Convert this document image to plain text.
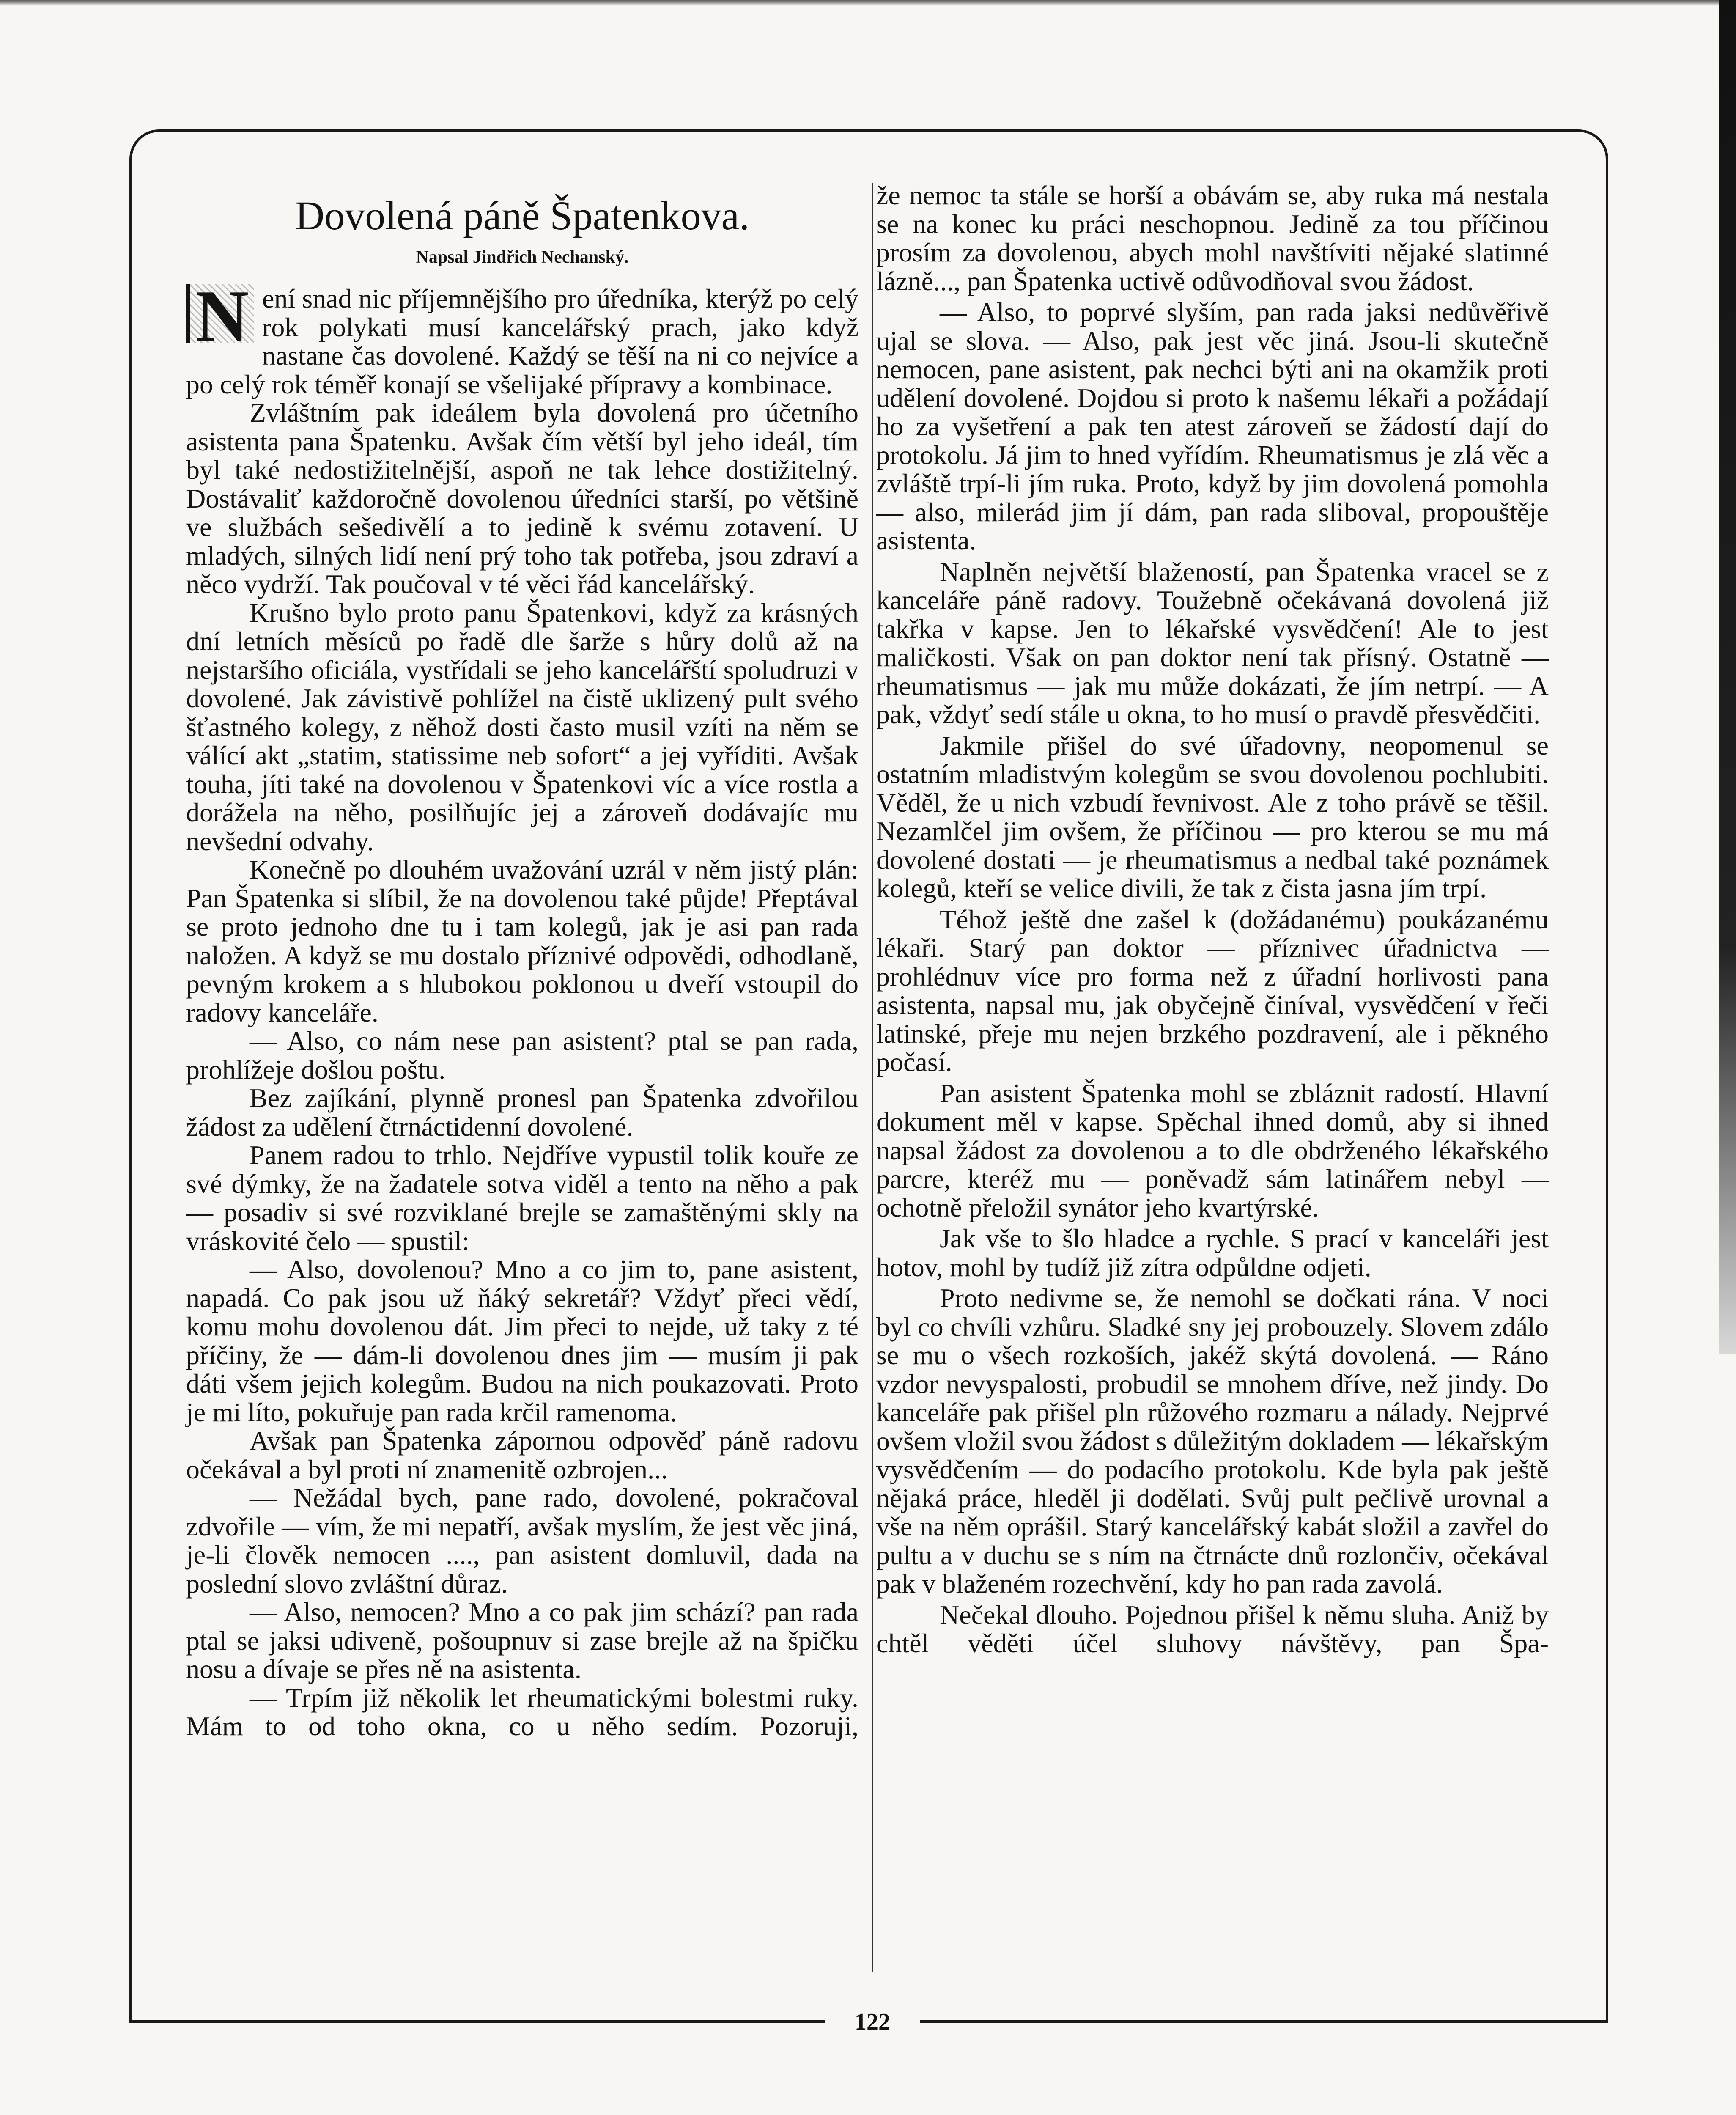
122
Dovolená páně Špatenkova.
Napsal Jindřich Nechanský.
N ení snad nic příjemnějšího pro úředníka, kterýž po celý rok polykati musí kancelářský prach, jako když nastane čas dovolené. Každý se těší na ni co nejvíce a po celý rok téměř konají se všelijaké přípravy a kombinace.

Zvláštním pak ideálem byla dovolená pro účetního asistenta pana Špatenku. Avšak čím větší byl jeho ideál, tím byl také nedostižitelnější, aspoň ne tak lehce dostižitelný. Dostávaliť každoročně dovolenou úředníci starší, po většině ve službách sešedivělí a to jedině k svému zotavení. U mladých, silných lidí není prý toho tak potřeba, jsou zdraví a něco vydrží. Tak poučoval v té věci řád kancelářský.

Krušno bylo proto panu Špatenkovi, když za krásných dní letních měsíců po řadě dle šarže s hůry dolů až na nejstaršího oficiála, vystřídali se jeho kancelářští spoludruzi v dovolené. Jak závistivě pohlížel na čistě uklizený pult svého šťastného kolegy, z něhož dosti často musil vzíti na něm se válící akt „statim, statissime neb sofort“ a jej vyříditi. Avšak touha, jíti také na dovolenou v Špatenkovi víc a více rostla a dorážela na něho, posilňujíc jej a zároveň dodávajíc mu nevšední odvahy.

Konečně po dlouhém uvažování uzrál v něm jistý plán: Pan Špatenka si slíbil, že na dovolenou také půjde! Přeptával se proto jednoho dne tu i tam kolegů, jak je asi pan rada naložen. A když se mu dostalo příznivé odpovědi, odhodlaně, pevným krokem a s hlubokou poklonou u dveří vstoupil do radovy kanceláře.

— Also, co nám nese pan asistent? ptal se pan rada, prohlížeje došlou poštu.

Bez zajíkání, plynně pronesl pan Špatenka zdvořilou žádost za udělení čtrnáctidenní dovolené.

Panem radou to trhlo. Nejdříve vypustil tolik kouře ze své dýmky, že na žadatele sotva viděl a tento na něho a pak — posadiv si své rozviklané brejle se zamaštěnými skly na vráskovité čelo — spustil:

— Also, dovolenou? Mno a co jim to, pane asistent, napadá. Co pak jsou už ňáký sekretář? Vždyť přeci vědí, komu mohu dovolenou dát. Jim přeci to nejde, už taky z té příčiny, že — dám-li dovolenou dnes jim — musím ji pak dáti všem jejich kolegům. Budou na nich poukazovati. Proto je mi líto, pokuřuje pan rada krčil ramenoma.

Avšak pan Špatenka zápornou odpověď páně radovu očekával a byl proti ní znamenitě ozbrojen...

— Nežádal bych, pane rado, dovolené, pokračoval zdvořile — vím, že mi nepatří, avšak myslím, že jest věc jiná, je-li člověk nemocen ...., pan asistent domluvil, dada na poslední slovo zvláštní důraz.

— Also, nemocen? Mno a co pak jim schází? pan rada ptal se jaksi udiveně, pošoupnuv si zase brejle až na špičku nosu a dívaje se přes ně na asistenta.

— Trpím již několik let rheumatickými bolestmi ruky. Mám to od toho okna, co u něho sedím. Pozoruji,

že nemoc ta stále se horší a obávám se, aby ruka má nestala se na konec ku práci neschopnou. Jedině za tou příčinou prosím za dovolenou, abych mohl navštíviti nějaké slatinné lázně..., pan Špatenka uctivě odůvodňoval svou žádost.

— Also, to poprvé slyším, pan rada jaksi nedůvěřivě ujal se slova. — Also, pak jest věc jiná. Jsou-li skutečně nemocen, pane asistent, pak nechci býti ani na okamžik proti udělení dovolené. Dojdou si proto k našemu lékaři a požádají ho za vyšetření a pak ten atest zároveň se žádostí dají do protokolu. Já jim to hned vyřídím. Rheumatismus je zlá věc a zvláště trpí-li jím ruka. Proto, když by jim dovolená pomohla — also, milerád jim jí dám, pan rada sliboval, propouštěje asistenta.

Naplněn největší blažeností, pan Špatenka vracel se z kanceláře páně radovy. Toužebně očekávaná dovolená již takřka v kapse. Jen to lékařské vysvědčení! Ale to jest maličkosti. Však on pan doktor není tak přísný. Ostatně — rheumatismus — jak mu může dokázati, že jím netrpí. — A pak, vždyť sedí stále u okna, to ho musí o pravdě přesvědčiti.

Jakmile přišel do své úřadovny, neopomenul se ostatním mladistvým kolegům se svou dovolenou pochlubiti. Věděl, že u nich vzbudí řevnivost. Ale z toho právě se těšil. Nezamlčel jim ovšem, že příčinou — pro kterou se mu má dovolené dostati — je rheumatismus a nedbal také poznámek kolegů, kteří se velice divili, že tak z čista jasna jím trpí.

Téhož ještě dne zašel k (dožádanému) poukázanému lékaři. Starý pan doktor — příznivec úřadnictva — prohlédnuv více pro forma než z úřadní horlivosti pana asistenta, napsal mu, jak obyčejně činíval, vysvědčení v řeči latinské, přeje mu nejen brzkého pozdravení, ale i pěkného počasí.

Pan asistent Špatenka mohl se zbláznit radostí. Hlavní dokument měl v kapse. Spěchal ihned domů, aby si ihned napsal žádost za dovolenou a to dle obdrženého lékařského parcre, kteréž mu — poněvadž sám latinářem nebyl — ochotně přeložil synátor jeho kvartýrské.

Jak vše to šlo hladce a rychle. S prací v kanceláři jest hotov, mohl by tudíž již zítra odpůldne odjeti.

Proto nedivme se, že nemohl se dočkati rána. V noci byl co chvíli vzhůru. Sladké sny jej probouzely. Slovem zdálo se mu o všech rozkoších, jakéž skýtá dovolená. — Ráno vzdor nevyspalosti, probudil se mnohem dříve, než jindy. Do kanceláře pak přišel pln růžového rozmaru a nálady. Nejprvé ovšem vložil svou žádost s důležitým dokladem — lékařským vysvědčením — do podacího protokolu. Kde byla pak ještě nějaká práce, hleděl ji dodělati. Svůj pult pečlivě urovnal a vše na něm oprášil. Starý kancelářský kabát složil a zavřel do pultu a v duchu se s ním na čtrnácte dnů rozlončiv, očekával pak v blaženém rozechvění, kdy ho pan rada zavolá.

Nečekal dlouho. Pojednou přišel k němu sluha. Aniž by chtěl věděti účel sluhovy návštěvy, pan Špa-
